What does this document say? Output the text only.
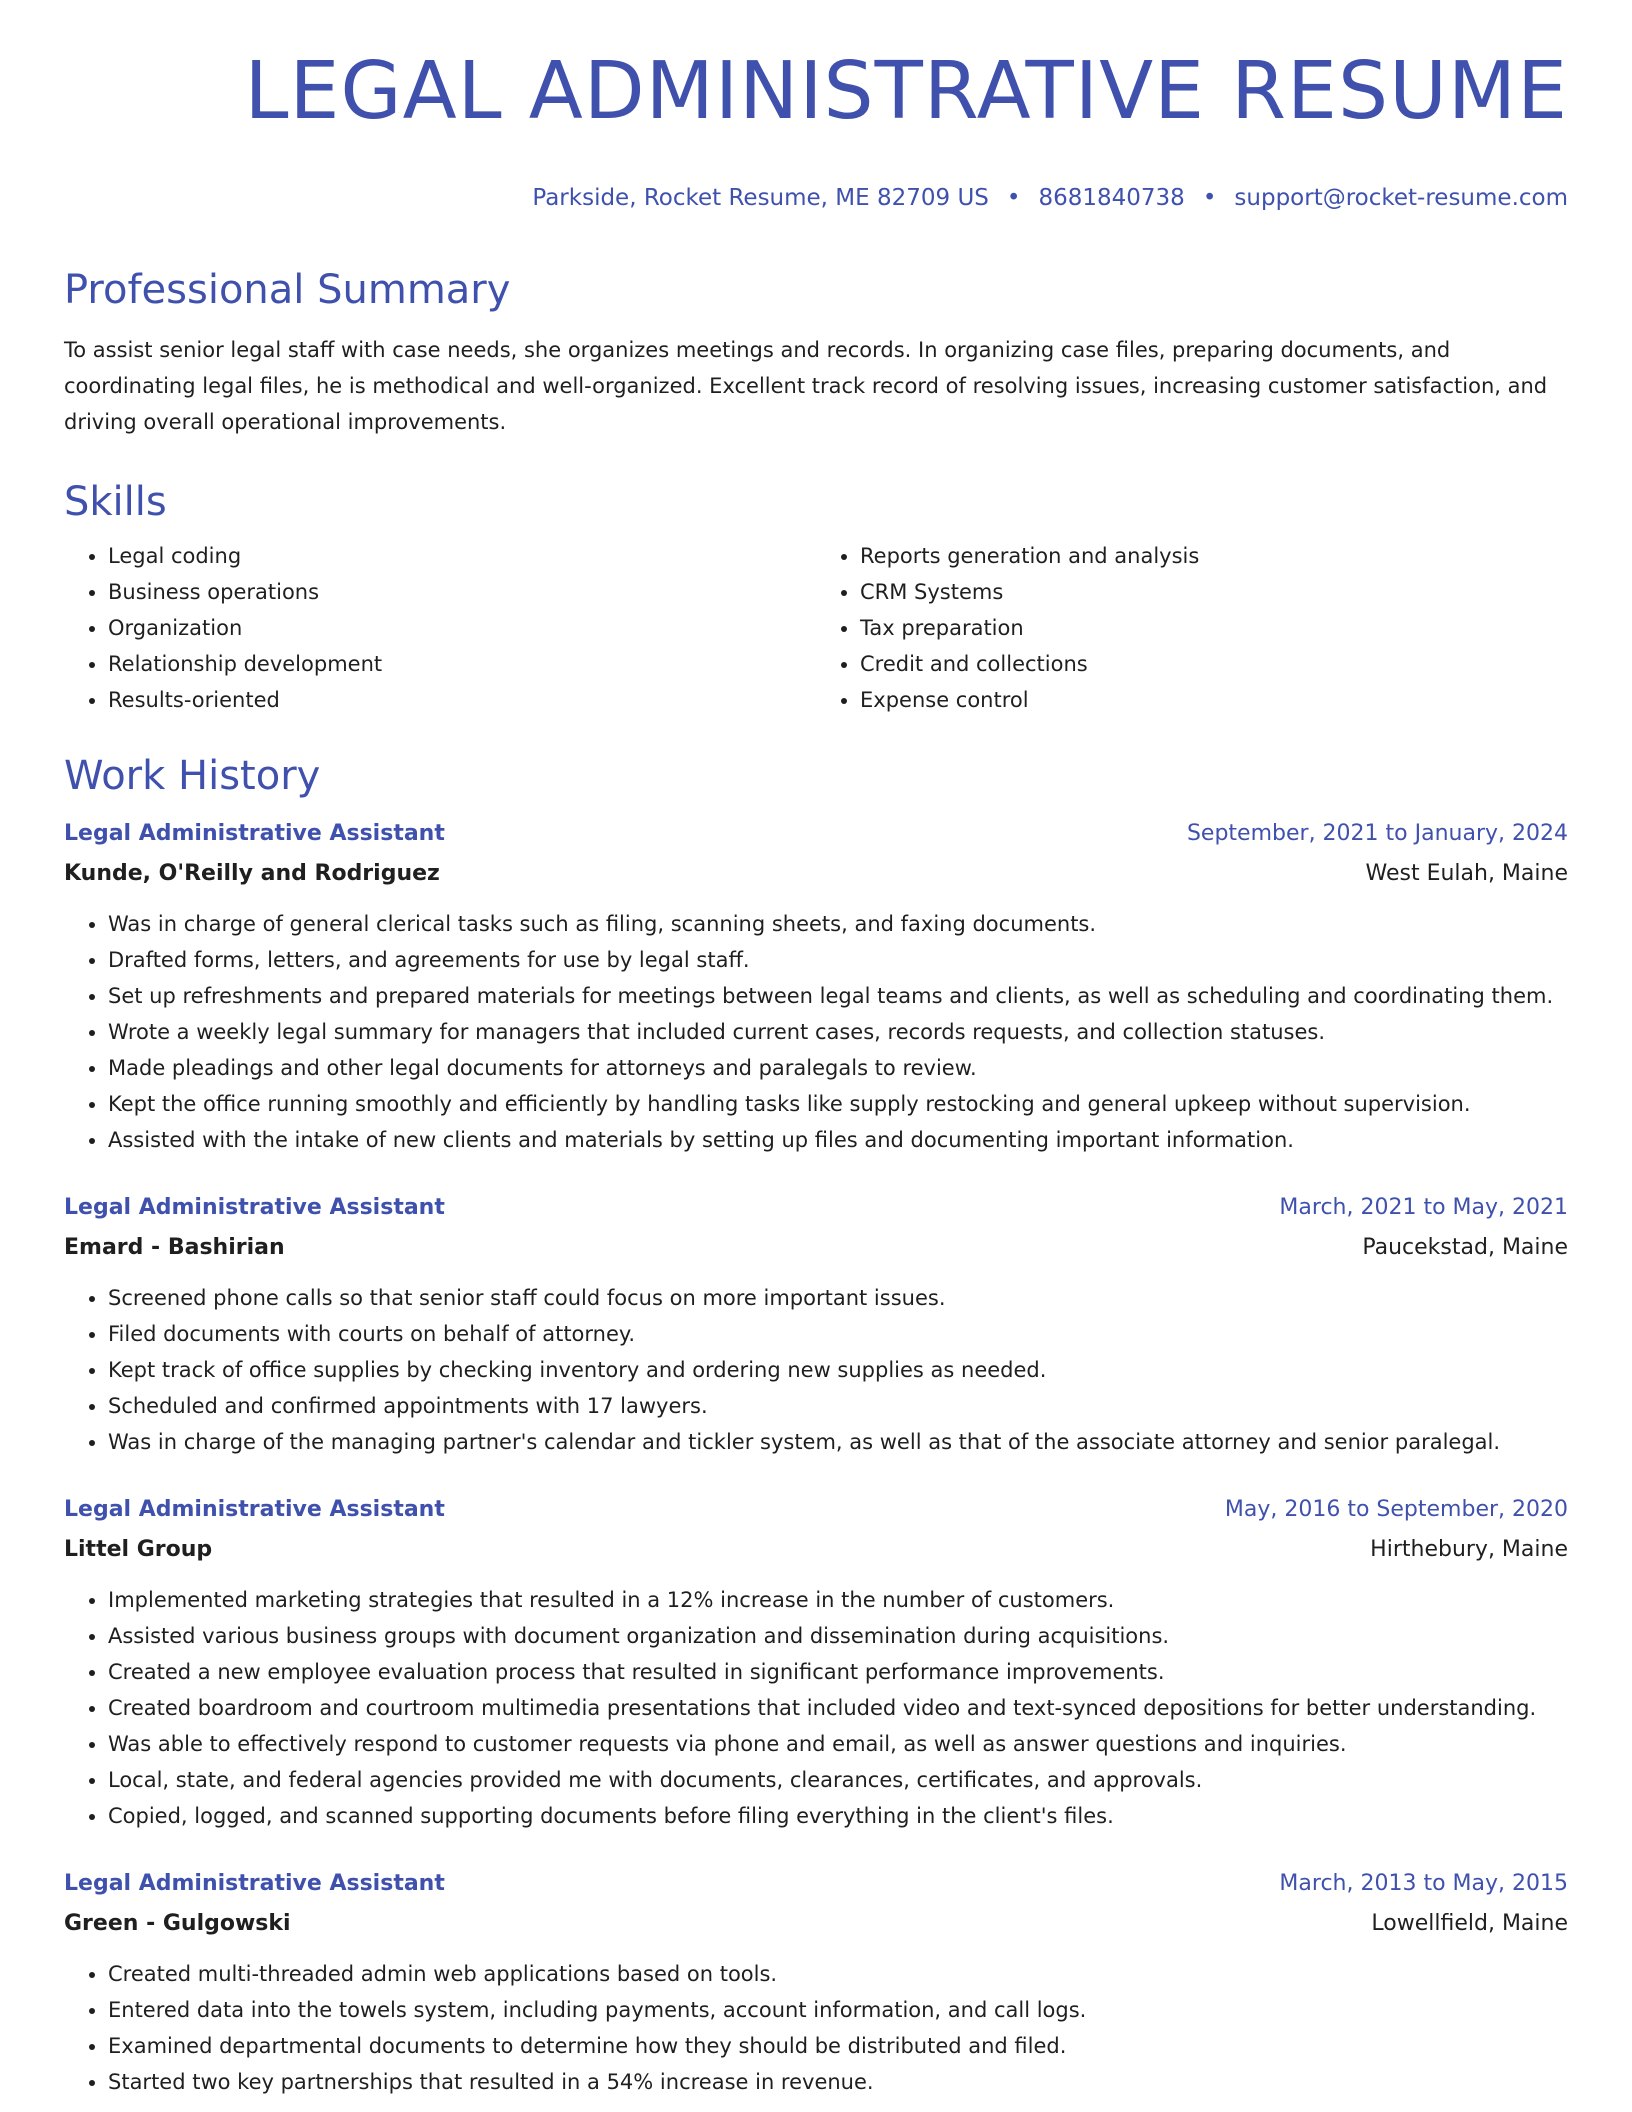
LEGAL ADMINISTRATIVE RESUME
Parkside, Rocket Resume, ME 82709 US • 8681840738 • support@rocket-resume.com
Professional Summary

To assist senior legal staff with case needs, she organizes meetings and records. In organizing case files, preparing documents, and coordinating legal files, he is methodical and well-organized. Excellent track record of resolving issues, increasing customer satisfaction, and driving overall operational improvements.

Skills
• Legal coding
• Business operations
• Organization
• Relationship development
• Results-oriented
• Reports generation and analysis
• CRM Systems
• Tax preparation
• Credit and collections
• Expense control
Work History
Legal Administrative Assistant	September, 2021 to January, 2024
Kunde, O'Reilly and Rodriguez	West Eulah, Maine
• Was in charge of general clerical tasks such as filing, scanning sheets, and faxing documents.
• Drafted forms, letters, and agreements for use by legal staff.
• Set up refreshments and prepared materials for meetings between legal teams and clients, as well as scheduling and coordinating them.
• Wrote a weekly legal summary for managers that included current cases, records requests, and collection statuses.
• Made pleadings and other legal documents for attorneys and paralegals to review.
• Kept the office running smoothly and efficiently by handling tasks like supply restocking and general upkeep without supervision.
• Assisted with the intake of new clients and materials by setting up files and documenting important information.
Legal Administrative Assistant	March, 2021 to May, 2021
Emard - Bashirian	Paucekstad, Maine
• Screened phone calls so that senior staff could focus on more important issues.
• Filed documents with courts on behalf of attorney.
• Kept track of office supplies by checking inventory and ordering new supplies as needed.
• Scheduled and confirmed appointments with 17 lawyers.
• Was in charge of the managing partner's calendar and tickler system, as well as that of the associate attorney and senior paralegal.
Legal Administrative Assistant	May, 2016 to September, 2020
Littel Group	Hirthebury, Maine
• Implemented marketing strategies that resulted in a 12% increase in the number of customers.
• Assisted various business groups with document organization and dissemination during acquisitions.
• Created a new employee evaluation process that resulted in significant performance improvements.
• Created boardroom and courtroom multimedia presentations that included video and text-synced depositions for better understanding.
• Was able to effectively respond to customer requests via phone and email, as well as answer questions and inquiries.
• Local, state, and federal agencies provided me with documents, clearances, certificates, and approvals.
• Copied, logged, and scanned supporting documents before filing everything in the client's files.
Legal Administrative Assistant	March, 2013 to May, 2015
Green - Gulgowski	Lowellfield, Maine
• Created multi-threaded admin web applications based on tools.
• Entered data into the towels system, including payments, account information, and call logs.
• Examined departmental documents to determine how they should be distributed and filed.
• Started two key partnerships that resulted in a 54% increase in revenue.
